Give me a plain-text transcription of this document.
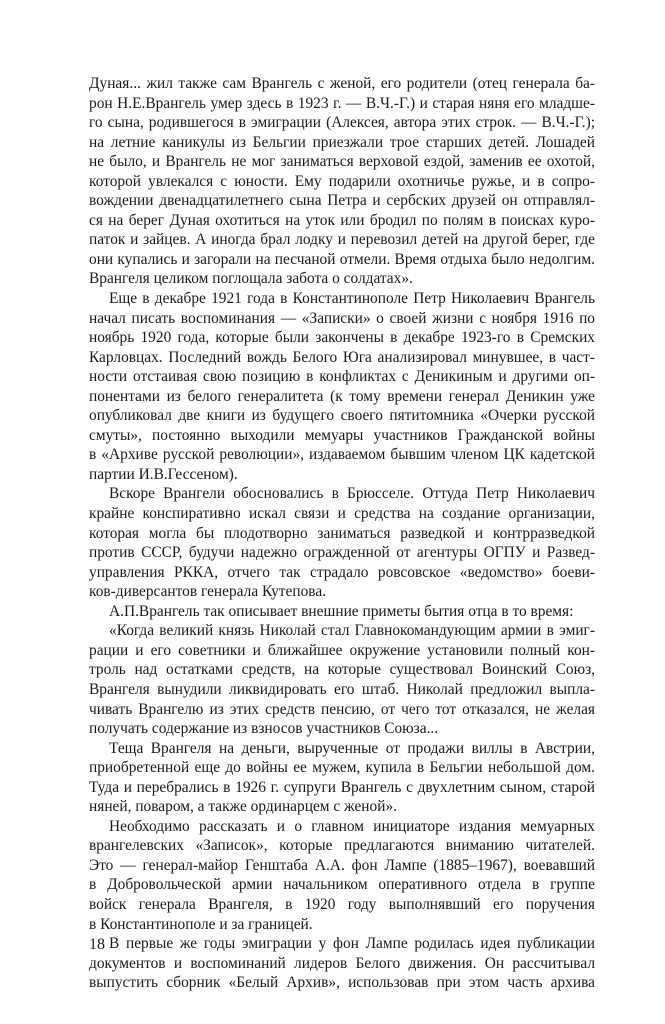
Дуная... жил также сам Врангель с женой, его родители (отец генерала ба-
рон Н.Е.Врангель умер здесь в 1923 г. — В.Ч.-Г.) и старая няня его младше-
го сына, родившегося в эмиграции (Алексея, автора этих строк. — В.Ч.-Г.);
на летние каникулы из Бельгии приезжали трое старших детей. Лошадей
не было, и Врангель не мог заниматься верховой ездой, заменив ее охотой,
которой увлекался с юности. Ему подарили охотничье ружье, и в сопро-
вождении двенадцатилетнего сына Петра и сербских друзей он отправлял-
ся на берег Дуная охотиться на уток или бродил по полям в поисках куро-
паток и зайцев. А иногда брал лодку и перевозил детей на другой берег, где
они купались и загорали на песчаной отмели. Время отдыха было недолгим.
Врангеля целиком поглощала забота о солдатах».

Еще в декабре 1921 года в Константинополе Петр Николаевич Врангель
начал писать воспоминания — «Записки» о своей жизни с ноября 1916 по
ноябрь 1920 года, которые были закончены в декабре 1923-го в Сремских
Карловцах. Последний вождь Белого Юга анализировал минувшее, в част-
ности отстаивая свою позицию в конфликтах с Деникиным и другими оп-
понентами из белого генералитета (к тому времени генерал Деникин уже
опубликовал две книги из будущего своего пятитомника «Очерки русской
смуты», постоянно выходили мемуары участников Гражданской войны
в «Архиве русской революции», издаваемом бывшим членом ЦК кадетской
партии И.В.Гессеном).

Вскоре Врангели обосновались в Брюсселе. Оттуда Петр Николаевич
крайне конспиративно искал связи и средства на создание организации,
которая могла бы плодотворно заниматься разведкой и контрразведкой
против СССР, будучи надежно огражденной от агентуры ОГПУ и Развед-
управления РККА, отчего так страдало ровсовское «ведомство» боеви-
ков-диверсантов генерала Кутепова.

А.П.Врангель так описывает внешние приметы бытия отца в то время:

«Когда великий князь Николай стал Главнокомандующим армии в эмиг-
рации и его советники и ближайшее окружение установили полный кон-
троль над остатками средств, на которые существовал Воинский Союз,
Врангеля вынудили ликвидировать его штаб. Николай предложил выпла-
чивать Врангелю из этих средств пенсию, от чего тот отказался, не желая
получать содержание из взносов участников Союза...

Теща Врангеля на деньги, вырученные от продажи виллы в Австрии,
приобретенной еще до войны ее мужем, купила в Бельгии небольшой дом.
Туда и перебрались в 1926 г. супруги Врангель с двухлетним сыном, старой
няней, поваром, а также ординарцем с женой».

Необходимо рассказать и о главном инициаторе издания мемуарных
врангелевских «Записок», которые предлагаются вниманию читателей.
Это — генерал-майор Генштаба А.А. фон Лампе (1885–1967), воевавший
в Добровольческой армии начальником оперативного отдела в группе
войск генерала Врангеля, в 1920 году выполнявший его поручения
в Константинополе и за границей.

В первые же годы эмиграции у фон Лампе родилась идея публикации
документов и воспоминаний лидеров Белого движения. Он рассчитывал
выпустить сборник «Белый Архив», использовав при этом часть архива

18
